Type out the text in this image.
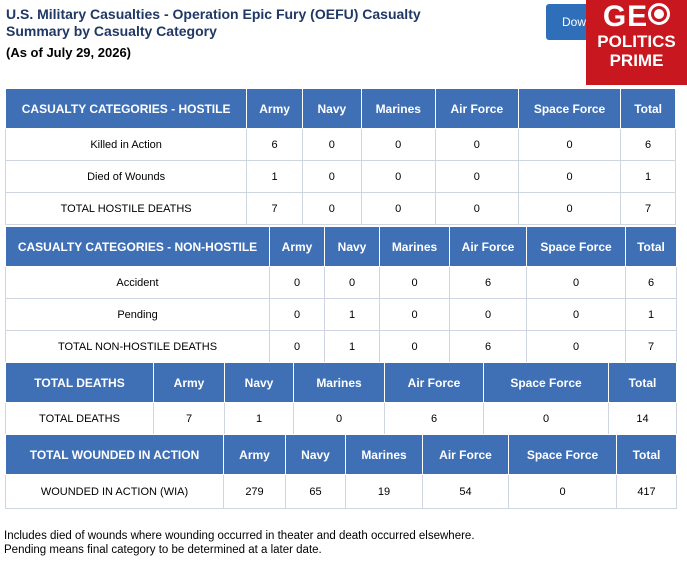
U.S. Military Casualties - Operation Epic Fury (OEFU) Casualty Summary by Casualty Category
(As of July 29, 2026)
Dow GE
POLITICS
PRIME
CASUALTY CATEGORIES - HOSTILE	Army	Navy	Marines	Air Force	Space Force	Total
Killed in Action	6	0	0	0	0	6
Died of Wounds	1	0	0	0	0	1
TOTAL HOSTILE DEATHS	7	0	0	0	0	7
CASUALTY CATEGORIES - NON-HOSTILE	Army	Navy	Marines	Air Force	Space Force	Total
Accident	0	0	0	6	0	6
Pending	0	1	0	0	0	1
TOTAL NON-HOSTILE DEATHS	0	1	0	6	0	7
TOTAL DEATHS	Army	Navy	Marines	Air Force	Space Force	Total
TOTAL DEATHS	7	1	0	6	0	14
TOTAL WOUNDED IN ACTION	Army	Navy	Marines	Air Force	Space Force	Total
WOUNDED IN ACTION (WIA)	279	65	19	54	0	417
Includes died of wounds where wounding occurred in theater and death occurred elsewhere.
Pending means final category to be determined at a later date.
